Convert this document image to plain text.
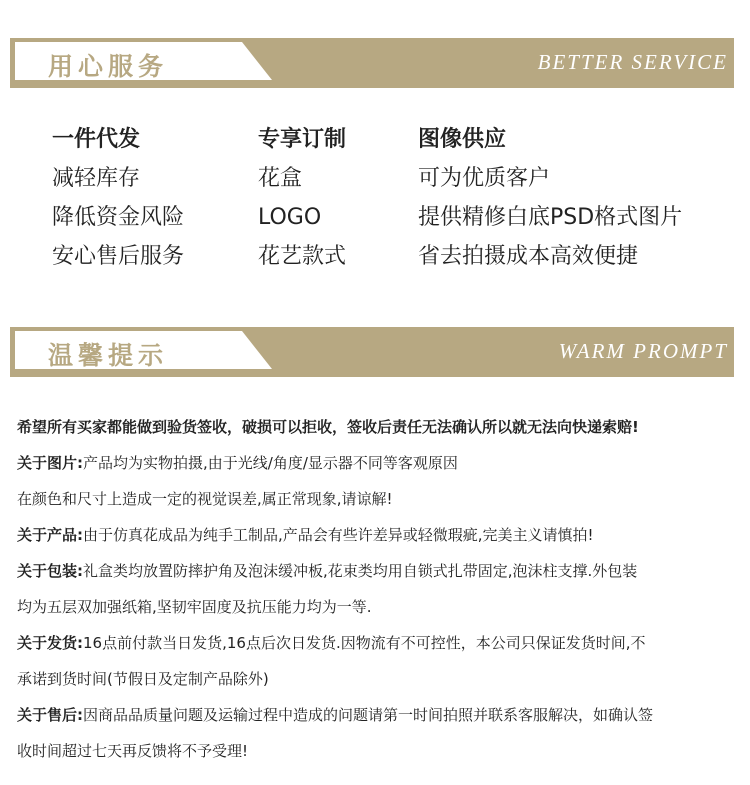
用心服务	BETTER SERVICE
一件代发
减轻库存
降低资金风险
安心售后服务
专享订制
花盒
LOGO
花艺款式
图像供应
可为优质客户
提供精修白底PSD格式图片
省去拍摄成本高效便捷
温馨提示	WARM PROMPT
希望所有买家都能做到验货签收，破损可以拒收，签收后责任无法确认所以就无法向快递索赔!
关于图片:产品均为实物拍摄,由于光线/角度/显示器不同等客观原因
在颜色和尺寸上造成一定的视觉误差,属正常现象,请谅解!
关于产品:由于仿真花成品为纯手工制品,产品会有些许差异或轻微瑕疵,完美主义请慎拍!
关于包装:礼盒类均放置防摔护角及泡沫缓冲板,花束类均用自锁式扎带固定,泡沫柱支撑.外包装
均为五层双加强纸箱,坚韧牢固度及抗压能力均为一等.
关于发货:16点前付款当日发货,16点后次日发货.因物流有不可控性，本公司只保证发货时间,不
承诺到货时间(节假日及定制产品除外)
关于售后:因商品品质量问题及运输过程中造成的问题请第一时间拍照并联系客服解决，如确认签
收时间超过七天再反馈将不予受理!
